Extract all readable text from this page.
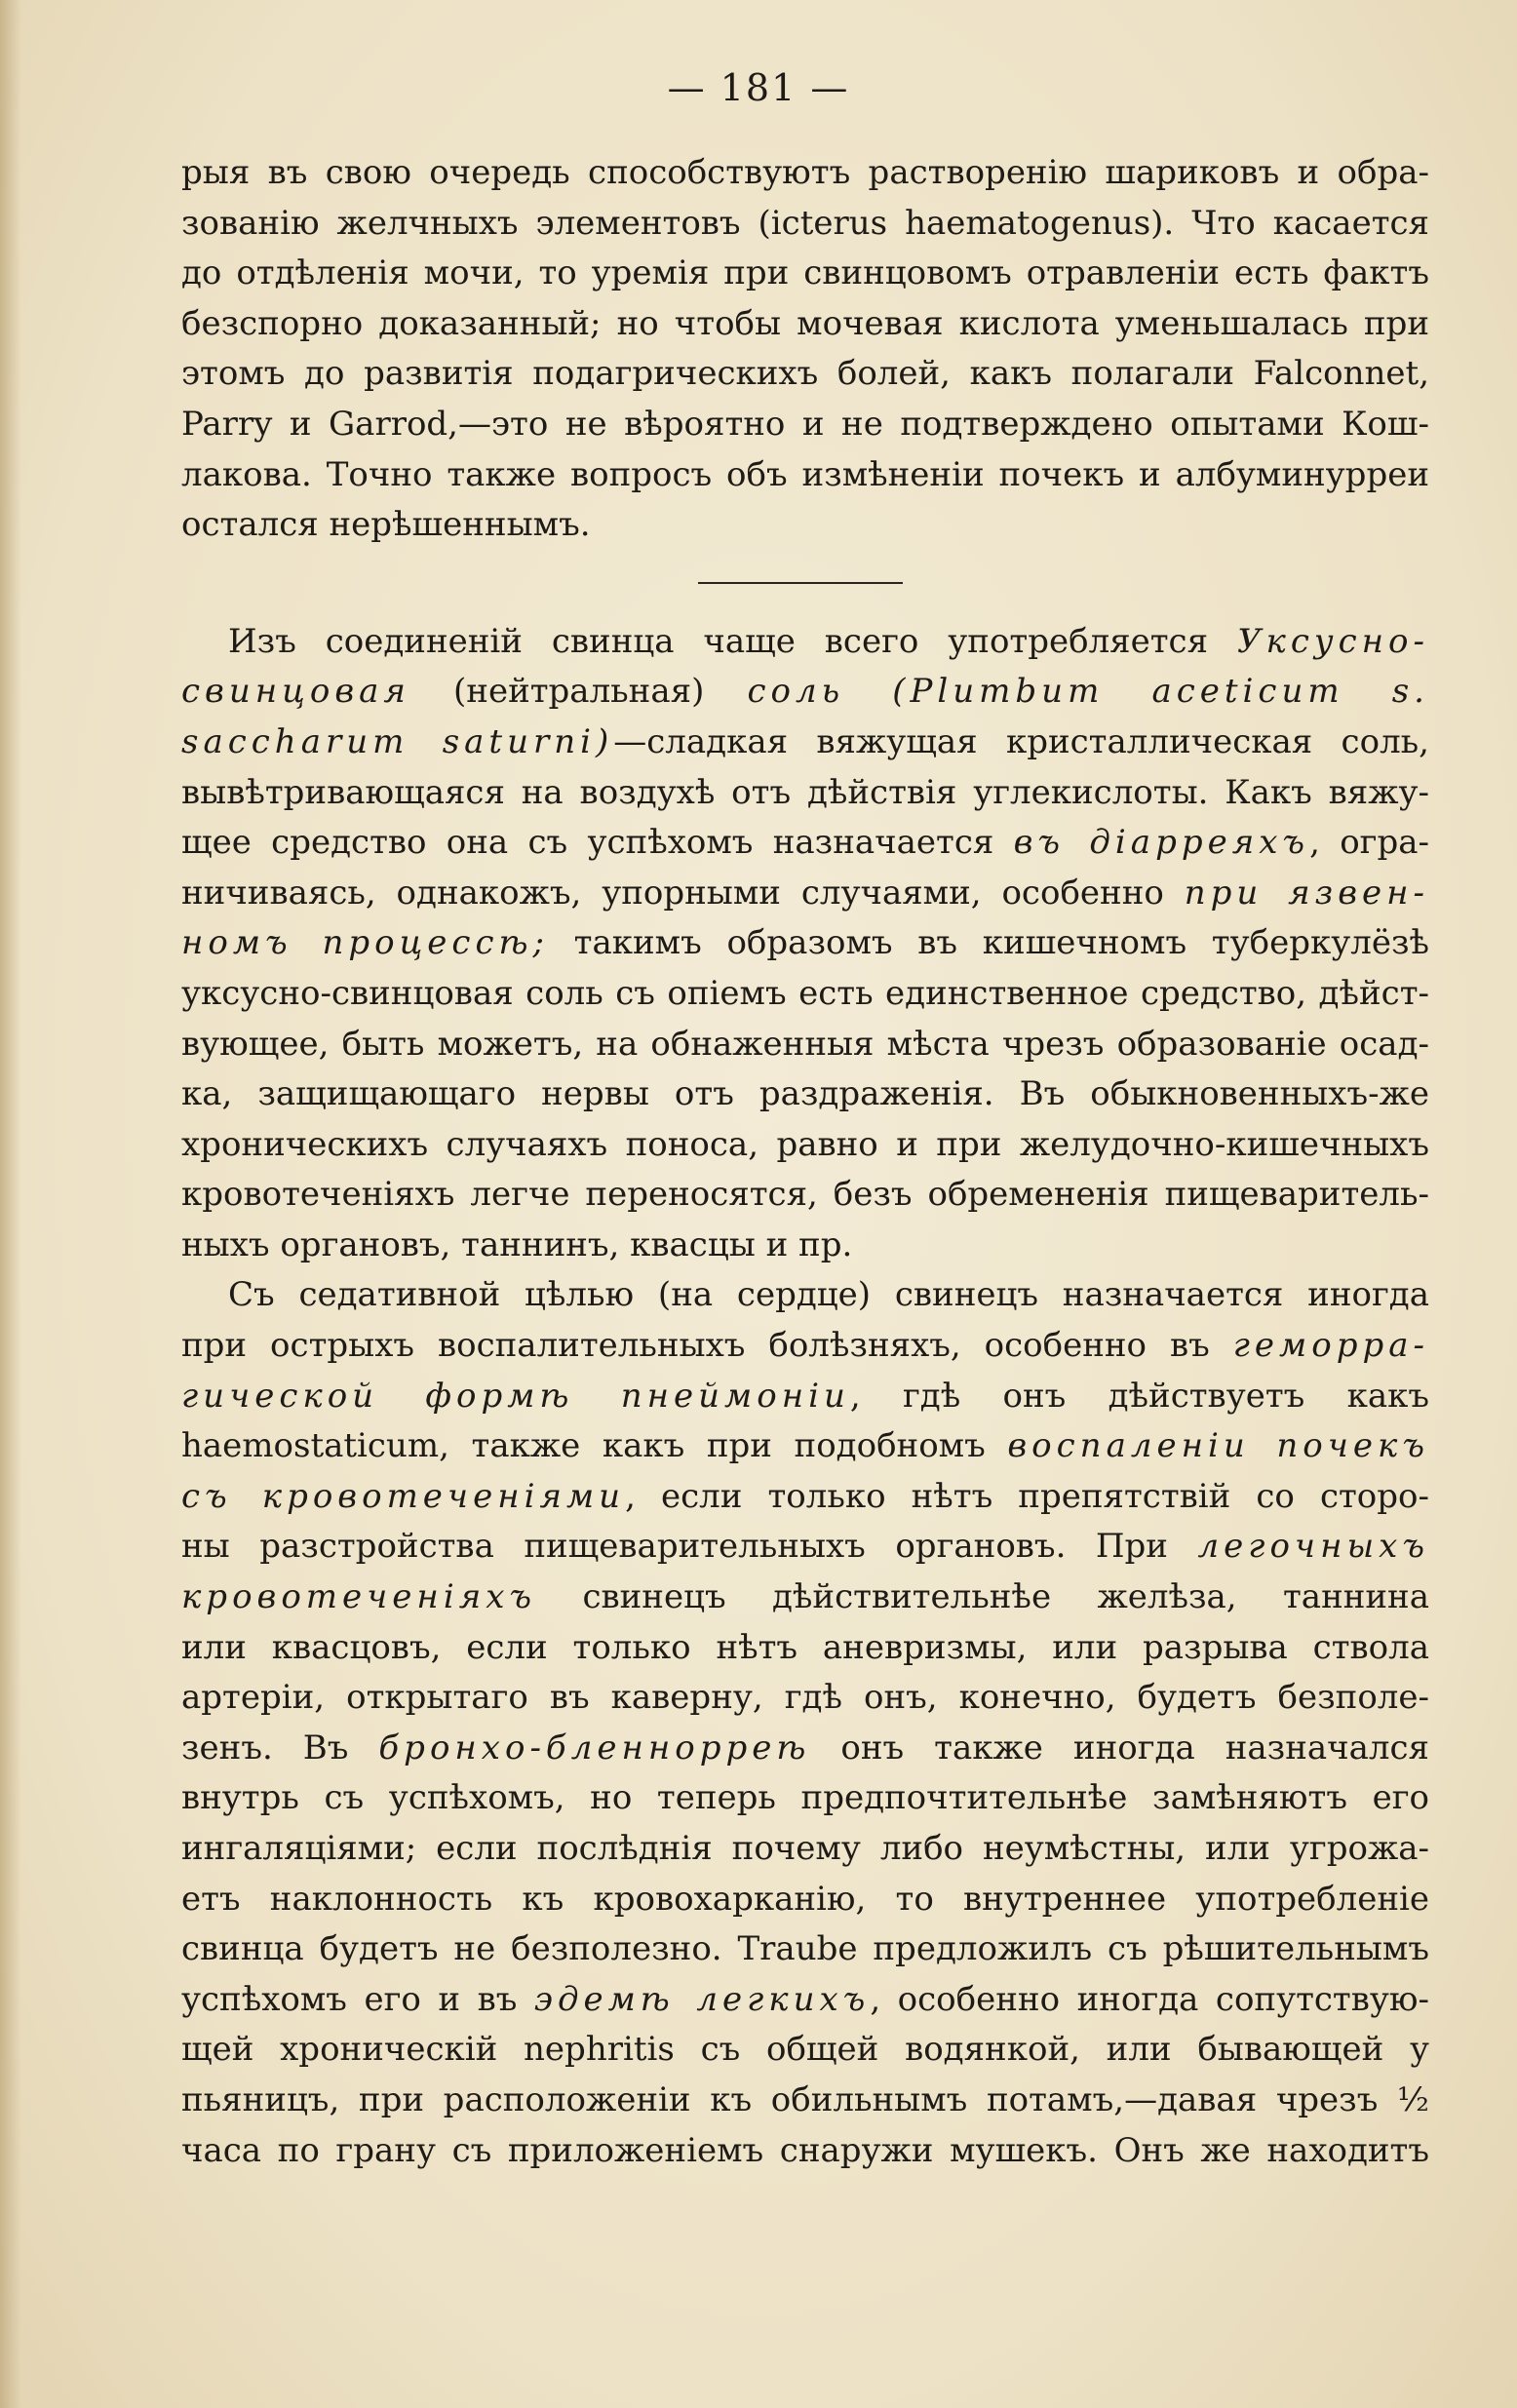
— 181 —
рыя въ свою очередь способствуютъ растворенію шариковъ и обра-
зованію желчныхъ элементовъ (icterus haematogenus). Что касается
до отдѣленія мочи, то уремія при свинцовомъ отравленіи есть фактъ
безспорно доказанный; но чтобы мочевая кислота уменьшалась при
этомъ до развитія подагрическихъ болей, какъ полагали Falconnet,
Parry и Garrod,—это не вѣроятно и не подтверждено опытами Кош-
лакова. Точно также вопросъ объ измѣненіи почекъ и албуминурреи
остался нерѣшеннымъ.
Изъ соединеній свинца чаще всего употребляется Уксусно-
свинцовая (нейтральная) соль (Plumbum aceticum s.
saccharum saturni)—сладкая вяжущая кристаллическая соль,
вывѣтривающаяся на воздухѣ отъ дѣйствія углекислоты. Какъ вяжу-
щее средство она съ успѣхомъ назначается въ діарреяхъ, огра-
ничиваясь, однакожъ, упорными случаями, особенно при язвен-
номъ процессѣ; такимъ образомъ въ кишечномъ туберкулёзѣ
уксусно-свинцовая соль съ опіемъ есть единственное средство, дѣйст-
вующее, быть можетъ, на обнаженныя мѣста чрезъ образованіе осад-
ка, защищающаго нервы отъ раздраженія. Въ обыкновенныхъ-же
хроническихъ случаяхъ поноса, равно и при желудочно-кишечныхъ
кровотеченіяхъ легче переносятся, безъ обремененія пищеваритель-
ныхъ органовъ, таннинъ, квасцы и пр.
Съ седативной цѣлью (на сердце) свинецъ назначается иногда
при острыхъ воспалительныхъ болѣзняхъ, особенно въ геморра-
гической формѣ пнеймоніи, гдѣ онъ дѣйствуетъ какъ
haemostaticum, также какъ при подобномъ воспаленіи почекъ
съ кровотеченіями, если только нѣтъ препятствій со сторо-
ны разстройства пищеварительныхъ органовъ. При легочныхъ
кровотеченіяхъ свинецъ дѣйствительнѣе желѣза, таннина
или квасцовъ, если только нѣтъ аневризмы, или разрыва ствола
артеріи, открытаго въ каверну, гдѣ онъ, конечно, будетъ безполе-
зенъ. Въ бронхо-бленнорреѣ онъ также иногда назначался
внутрь съ успѣхомъ, но теперь предпочтительнѣе замѣняютъ его
ингаляціями; если послѣднія почему либо неумѣстны, или угрожа-
етъ наклонность къ кровохарканію, то внутреннее употребленіе
свинца будетъ не безполезно. Traube предложилъ съ рѣшительнымъ
успѣхомъ его и въ эдемѣ легкихъ, особенно иногда сопутствую-
щей хроническій nephritis съ общей водянкой, или бывающей у
пьяницъ, при расположеніи къ обильнымъ потамъ,—давая чрезъ ½
часа по грану съ приложеніемъ снаружи мушекъ. Онъ же находитъ
